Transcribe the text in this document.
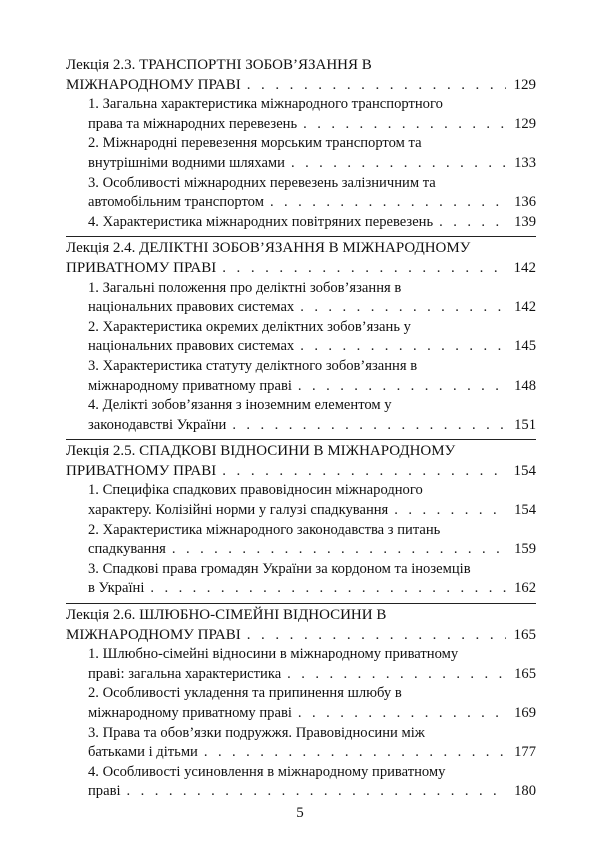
Лекція 2.3. ТРАНСПОРТНІ ЗОБОВ’ЯЗАННЯ В
МІЖНАРОДНОМУ ПРАВІ . . .	129
1. Загальна характеристика міжнародного транспортного
права та міжнародних перевезень . . .	129
2. Міжнародні перевезення морським транспортом та
внутрішніми водними шляхами . . .	133
3. Особливості міжнародних перевезень залізничним та
автомобільним транспортом . . .	136
4. Характеристика міжнародних повітряних перевезень . . .	139
Лекція 2.4. ДЕЛІКТНІ ЗОБОВ’ЯЗАННЯ В МІЖНАРОДНОМУ
ПРИВАТНОМУ ПРАВІ . . .	142
1. Загальні положення про деліктні зобов’язання в
національних правових системах . . .	142
2. Характеристика окремих деліктних зобов’язань у
національних правових системах . . .	145
3. Характеристика статуту деліктного зобов’язання в
міжнародному приватному праві . . .	148
4. Делікті зобов’язання з іноземним елементом у
законодавстві України . . .	151
Лекція 2.5. СПАДКОВІ ВІДНОСИНИ В МІЖНАРОДНОМУ
ПРИВАТНОМУ ПРАВІ . . .	154
1. Специфіка спадкових правовідносин міжнародного
характеру. Колізійні норми у галузі спадкування . . .	154
2. Характеристика міжнародного законодавства з питань
спадкування . . .	159
3. Спадкові права громадян України за кордоном та іноземців
в Україні . . .	162
Лекція 2.6. ШЛЮБНО-СІМЕЙНІ ВІДНОСИНИ В
МІЖНАРОДНОМУ ПРАВІ . . .	165
1. Шлюбно-сімейні відносини в міжнародному приватному
праві: загальна характеристика . . .	165
2. Особливості укладення та припинення шлюбу в
міжнародному приватному праві . . .	169
3. Права та обов’язки подружжя. Правовідносини між
батьками і дітьми . . .	177
4. Особливості усиновлення в міжнародному приватному
праві . . .	180
5
